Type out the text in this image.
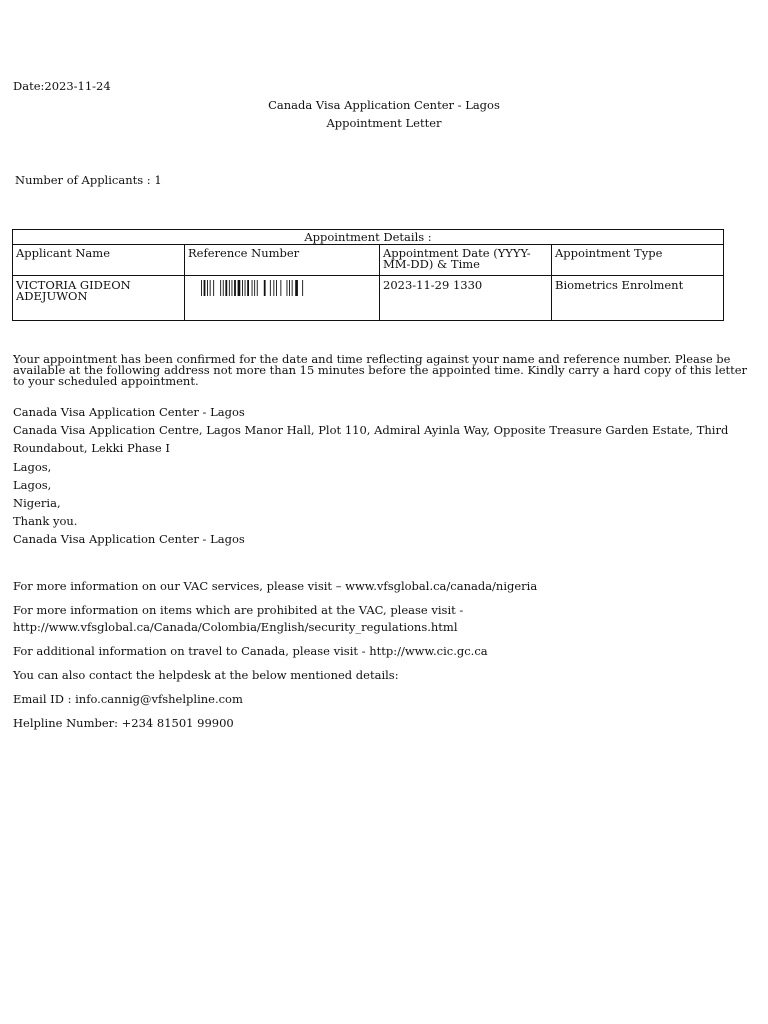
Date:2023-11-24
Canada Visa Application Center - Lagos
Appointment Letter
Number of Applicants : 1
Appointment Details :			
Applicant Name	Reference Number	Appointment Date (YYYY-MM-DD) & Time	Appointment Type
VICTORIA GIDEON ADEJUWON		2023-11-29 1330	Biometrics Enrolment
Your appointment has been confirmed for the date and time reflecting against your name and reference number. Please be available at the following address not more than 15 minutes before the appointed time. Kindly carry a hard copy of this letter to your scheduled appointment.
Canada Visa Application Center - Lagos
Canada Visa Application Centre, Lagos Manor Hall, Plot 110, Admiral Ayinla Way, Opposite Treasure Garden Estate, Third Roundabout, Lekki Phase I
Lagos,
Lagos,
Nigeria,
Thank you.
Canada Visa Application Center - Lagos
For more information on our VAC services, please visit – www.vfsglobal.ca/canada/nigeria
For more information on items which are prohibited at the VAC, please visit -
http://www.vfsglobal.ca/Canada/Colombia/English/security_regulations.html
For additional information on travel to Canada, please visit - http://www.cic.gc.ca
You can also contact the helpdesk at the below mentioned details:
Email ID : info.cannig@vfshelpline.com
Helpline Number: +234 81501 99900
